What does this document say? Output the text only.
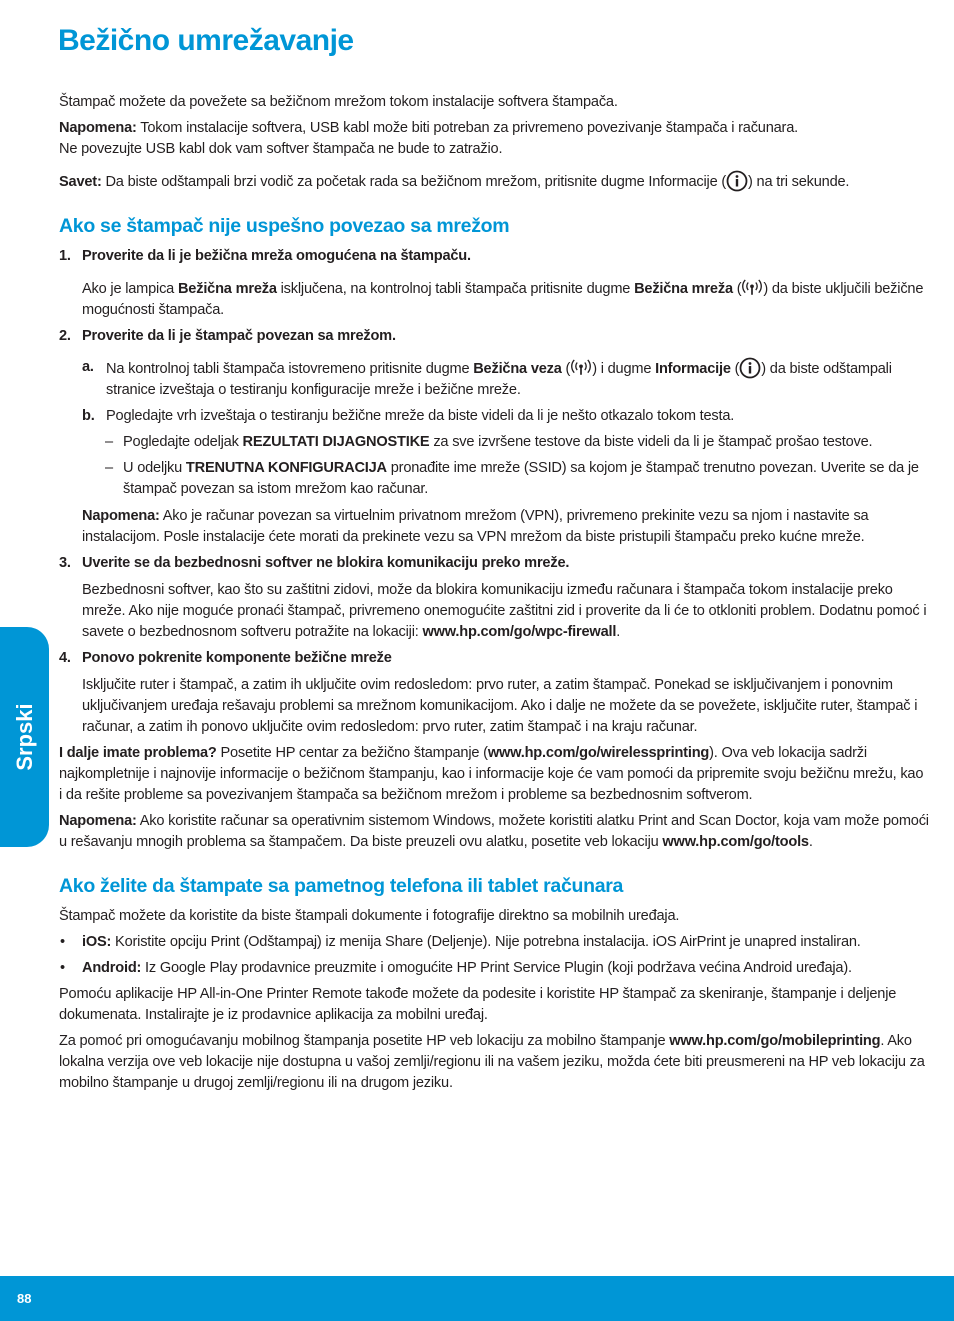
Bežično umrežavanje

Štampač možete da povežete sa bežičnom mrežom tokom instalacije softvera štampača.

Napomena: Tokom instalacije softvera, USB kabl može biti potreban za privremeno povezivanje štampača i računara.
Ne povezujte USB kabl dok vam softver štampača ne bude to zatražio.

Savet: Da biste odštampali brzi vodič za početak rada sa bežičnom mrežom, pritisnite dugme Informacije ( ) na tri sekunde.

Ako se štampač nije uspešno povezao sa mrežom
1. Proverite da li je bežična mreža omogućena na štampaču.

Ako je lampica Bežična mreža isključena, na kontrolnoj tabli štampača pritisnite dugme Bežična mreža ( ) da biste uključili bežične mogućnosti štampača.

2. Proverite da li je štampač povezan sa mrežom.
a. Na kontrolnoj tabli štampača istovremeno pritisnite dugme Bežična veza ( ) i dugme Informacije ( ) da biste odštampali stranice izveštaja o testiranju konfiguracije mreže i bežične mreže.
b. Pogledajte vrh izveštaja o testiranju bežične mreže da biste videli da li je nešto otkazalo tokom testa.
– Pogledajte odeljak REZULTATI DIJAGNOSTIKE za sve izvršene testove da biste videli da li je štampač prošao testove.
– U odeljku TRENUTNA KONFIGURACIJA pronađite ime mreže (SSID) sa kojom je štampač trenutno povezan. Uverite se da je štampač povezan sa istom mrežom kao računar.

Napomena: Ako je računar povezan sa virtuelnim privatnom mrežom (VPN), privremeno prekinite vezu sa njom i nastavite sa instalacijom. Posle instalacije ćete morati da prekinete vezu sa VPN mrežom da biste pristupili štampaču preko kućne mreže.

3. Uverite se da bezbednosni softver ne blokira komunikaciju preko mreže.

Bezbednosni softver, kao što su zaštitni zidovi, može da blokira komunikaciju između računara i štampača tokom instalacije preko mreže. Ako nije moguće pronaći štampač, privremeno onemogućite zaštitni zid i proverite da li će to otkloniti problem. Dodatnu pomoć i savete o bezbednosnom softveru potražite na lokaciji: www.hp.com/go/wpc-firewall.

4. Ponovo pokrenite komponente bežične mreže

Isključite ruter i štampač, a zatim ih uključite ovim redosledom: prvo ruter, a zatim štampač. Ponekad se isključivanjem i ponovnim uključivanjem uređaja rešavaju problemi sa mrežnom komunikacijom. Ako i dalje ne možete da se povežete, isključite ruter, štampač i računar, a zatim ih ponovo uključite ovim redosledom: prvo ruter, zatim štampač i na kraju računar.

I dalje imate problema? Posetite HP centar za bežično štampanje (www.hp.com/go/wirelessprinting). Ova veb lokacija sadrži najkompletnije i najnovije informacije o bežičnom štampanju, kao i informacije koje će vam pomoći da pripremite svoju bežičnu mrežu, kao i da rešite probleme sa povezivanjem štampača sa bežičnom mrežom i probleme sa bezbednosnim softverom.

Napomena: Ako koristite računar sa operativnim sistemom Windows, možete koristiti alatku Print and Scan Doctor, koja vam može pomoći u rešavanju mnogih problema sa štampačem. Da biste preuzeli ovu alatku, posetite veb lokaciju www.hp.com/go/tools.

Ako želite da štampate sa pametnog telefona ili tablet računara

Štampač možete da koristite da biste štampali dokumente i fotografije direktno sa mobilnih uređaja.

• iOS: Koristite opciju Print (Odštampaj) iz menija Share (Deljenje). Nije potrebna instalacija. iOS AirPrint je unapred instaliran.
• Android: Iz Google Play prodavnice preuzmite i omogućite HP Print Service Plugin (koji podržava većina Android uređaja).

Pomoću aplikacije HP All-in-One Printer Remote takođe možete da podesite i koristite HP štampač za skeniranje, štampanje i deljenje dokumenata. Instalirajte je iz prodavnice aplikacija za mobilni uređaj.

Za pomoć pri omogućavanju mobilnog štampanja posetite HP veb lokaciju za mobilno štampanje www.hp.com/go/mobileprinting. Ako lokalna verzija ove veb lokacije nije dostupna u vašoj zemlji/regionu ili na vašem jeziku, možda ćete biti preusmereni na HP veb lokaciju za mobilno štampanje u drugoj zemlji/regionu ili na drugom jeziku.

Srpski
88
